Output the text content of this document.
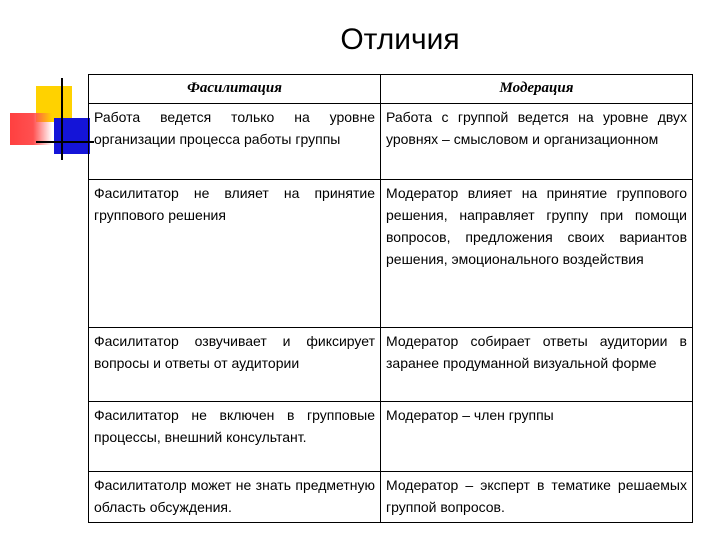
Отличия
Фасилитация	Модерация
Работа ведется только на уровне организации процесса работы группы	Работа с группой ведется на уровне двух уровнях – смысловом и организационном
Фасилитатор не влияет на принятие группового решения	Модератор влияет на принятие группового решения, направляет группу при помощи вопросов, предложения своих вариантов решения, эмоционального воздействия
Фасилитатор озвучивает и фиксирует вопросы и ответы от аудитории	Модератор собирает ответы аудитории в заранее продуманной визуальной форме
Фасилитатор не включен в групповые процессы, внешний консультант.	Модератор – член группы
Фасилитатолр может не знать предметную область обсуждения.	Модератор – эксперт в тематике решаемых группой вопросов.
